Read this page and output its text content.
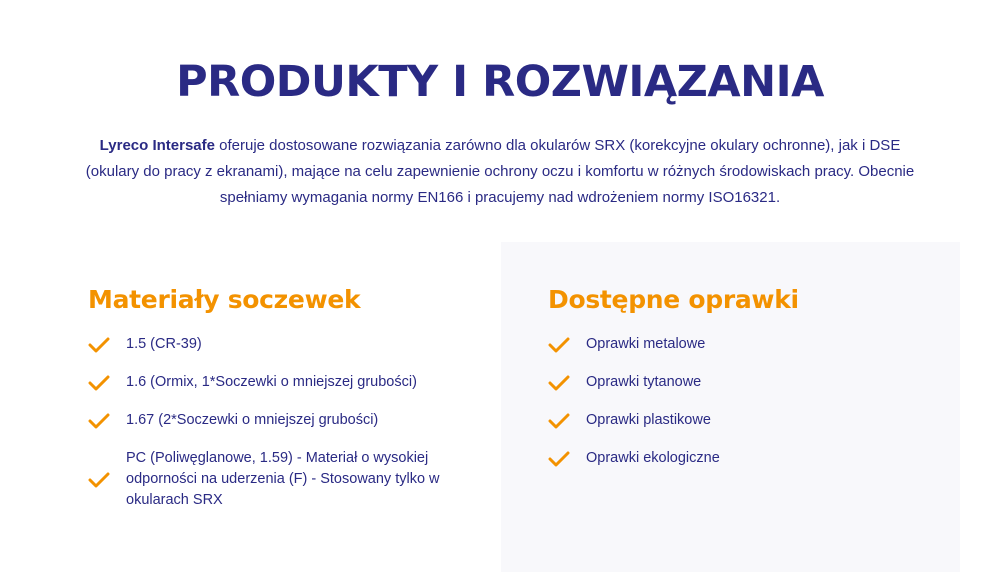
PRODUKTY I ROZWIĄZANIA

Lyreco Intersafe oferuje dostosowane rozwiązania zarówno dla okularów SRX (korekcyjne okulary ochronne), jak i DSE (okulary do pracy z ekranami), mające na celu zapewnienie ochrony oczu i komfortu w różnych środowiskach pracy. Obecnie spełniamy wymagania normy EN166 i pracujemy nad wdrożeniem normy ISO16321.

Materiały soczewek
1.5 (CR-39)
1.6 (Ormix, 1*Soczewki o mniejszej grubości)
1.67 (2*Soczewki o mniejszej grubości)
PC (Poliwęglanowe, 1.59) - Materiał o wysokiej odporności na uderzenia (F) - Stosowany tylko w okularach SRX
Dostępne oprawki
Oprawki metalowe
Oprawki tytanowe
Oprawki plastikowe
Oprawki ekologiczne
